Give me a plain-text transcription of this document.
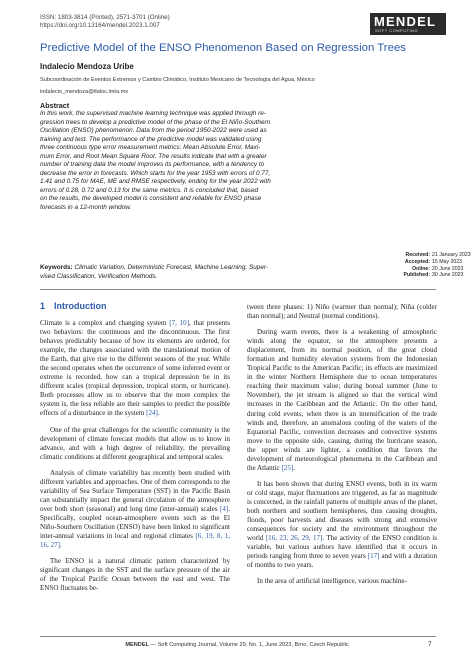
ISSN: 1803-3814 (Printed), 2571-3701 (Online)
https://doi.org/10.13164/mendel.2023.1.007	MENDEL
SOFT COMPUTING
Predictive Model of the ENSO Phenomenon Based on Regression Trees
Indalecio Mendoza Uribe
Subcoordinación de Eventos Extremos y Cambio Climático, Instituto Mexicano de Tecnología del Agua, México
indalecio_mendoza@tlaloc.imta.mx
Abstract
In this work, the supervised machine learning technique was applied through re-
gression trees to develop a predictive model of the phase of the El Niño-Southern
Oscillation (ENSO) phenomenon. Data from the period 1950-2022 were used as
training and test. The performance of the predictive model was validated using
three continuous type error measurement metrics: Mean Absolute Error, Maxi-
mum Error, and Root Mean Square Root. The results indicate that with a greater
number of training data the model improves its performance, with a tendency to
decrease the error in forecasts. Which starts for the year 1953 with errors of 0.77,
1.41 and 0.75 for MAE, ME and RMSE respectively, ending for the year 2022 with
errors of 0.28, 0.72 and 0.13 for the same metrics. It is concluded that, based
on the results, the developed model is consistent and reliable for ENSO phase
forecasts in a 12-month window.
Received:
Accepted:
Online:
Published:
21 January 2023
15 May 2023
20 June 2023
30 June 2023
Keywords: Climatic Variation, Deterministic Forecast, Machine Learning, Super-
vised Classification, Verification Methods.
1 Introduction

Climate is a complex and changing system [7, 10], that presents two behaviors: the continuous and the discontinuous. The first behaves predictably because of how its elements are ordered, for example, the changes associated with the translational motion of the Earth, that give rise to the different seasons of the year. While the second operates when the occurrence of some inferred event or extreme is recorded, how can a tropical depression be in its different scales (tropical depression, tropical storm, or hurricane). Both processes allow us to observe that the more complex the system is, the less reliable are their samples to predict the possible effects of a disturbance in the system [24].

One of the great challenges for the scientific community is the development of climate forecast models that allow us to know in advance, and with a high degree of reliability, the prevailing climatic conditions at different geographical and temporal scales.

Analysis of climate variability has recently been studied with different variables and approaches. One of them corresponds to the variability of Sea Surface Temperature (SST) in the Pacific Basin can substantially impact the general circulation of the atmosphere over both short (seasonal) and long time (inter-annual) scales [4]. Specifically, coupled ocean-atmosphere events such as the El Niño-Southern Oscillation (ENSO) have been linked to significant inter-annual variations in local and regional climates [6, 19, 8, 1, 16, 27].

The ENSO is a natural climatic pattern characterized by significant changes in the SST and the surface pressure of the air of the Tropical Pacific Ocean between the east and west. The ENSO fluctuates be-

tween three phases: 1) Niño (warmer than normal); Niña (colder than normal); and Neutral (normal conditions).

During warm events, there is a weakening of atmospheric winds along the equator, so the atmosphere presents a displacement, from its normal position, of the great cloud formation and humidity elevation systems from the Indonesian Tropical Pacific to the American Pacific; its effects are maximized in the winter Northern Hemisphere due to ocean temperatures reaching their maximum value; during boreal summer (June to November), the jet stream is aligned so that the vertical wind increases in the Caribbean and the Atlantic. On the other hand, during cold events, when there is an intensification of the trade winds and, therefore, an anomalous cooling of the waters of the Equatorial Pacific, convection decreases and convective systems move to the opposite side, causing, during the hurricane season, the upper winds are lighter, a condition that favors the development of meteorological phenomena in the Caribbean and the Atlantic [25].

It has been shown that during ENSO events, both in its warm or cold stage, major fluctuations are triggered, as far as magnitude is concerned, in the rainfall patterns of multiple areas of the planet, both northern and southern hemispheres, thus causing droughts, floods, poor harvests and diseases with strong and extensive consequences for society and the environment throughout the world [16, 23, 26, 29, 17]. The activity of the ENSO condition is variable, but various authors have identified that it occurs in periods ranging from three to seven years [17] and with a duration of months to two years.

In the area of artificial intelligence, various machine-

MENDEL — Soft Computing Journal, Volume 29, No. 1, June 2023, Brno, Czech Republic	7
